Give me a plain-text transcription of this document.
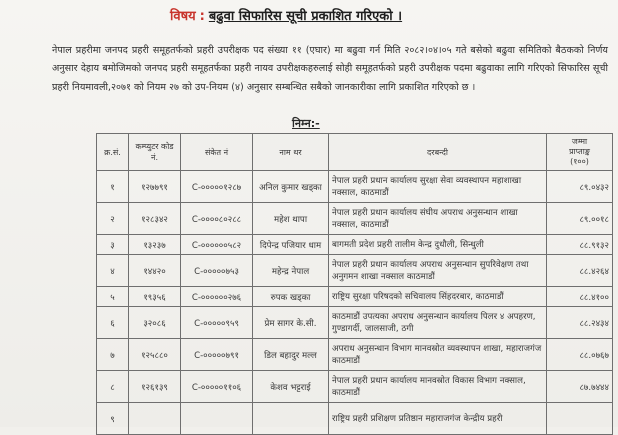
विषय : बढुवा सिफारिस सूची प्रकाशित गरिएको ।
नेपाल प्रहरीमा जनपद प्रहरी समूहतर्फको प्रहरी उपरीक्षक पद संख्या ११ (एघार) मा बढुवा गर्न मिति २०८२।०४।०५ गते बसेको बढुवा समितिको बैठकको निर्णय अनुसार देहाय बमोजिमको जनपद प्रहरी समूहतर्फका प्रहरी नायव उपरीक्षकहरुलाई सोही समूहतर्फको प्रहरी उपरीक्षक पदमा बढुवाका लागि गरिएको सिफारिस सूची प्रहरी नियमावली,२०७१ को नियम २७ को उप-नियम (४) अनुसार सम्बन्धित सबैको जानकारीका लागि प्रकाशित गरिएको छ ।
निम्न:-
क्र.सं.	कम्प्युटर कोड नं.	संकेत नं	नाम थर	दरबन्दी	जम्मा
प्राप्ताङ्क
(१००)

१	१२७७९१	C-०००००१२८७	अनिल कुमार खड्का	नेपाल प्रहरी प्रधान कार्यालय सुरक्षा सेवा व्यवस्थापन महाशाखा नक्साल, काठमाडौं	८९.०४३२
२	१२८३४२	C-००००८०२८८	महेश थापा	नेपाल प्रहरी प्रधान कार्यालय संघीय अपराध अनुसन्धान शाखा नक्साल, काठमाडौं	८९.००१८
३	१३२३७	C-००००००५८२	दिपेन्द्र पजियार धाम	बागमती प्रदेश प्रहरी तालीम केन्द्र दुधौली, सिन्धुली	८८.९१३२
४	१४४२०	C-०००००७५३	महेन्द्र नेपाल	नेपाल प्रहरी प्रधान कार्यालय अपराध अनुसन्धान सुपरिवेक्षण तथा अनुगमन शाखा नक्साल काठमाडौं	८८.४२६४
५	१९३५६	C-००००००२७६	रुपक खड्का	राष्ट्रिय सुरक्षा परिषदको सचिवालय सिंहदरबार, काठमाडौं	८८.४१००
६	३२०८६	C-०००००९५९	प्रेम सागर के.सी.	काठमाडौं उपत्यका अपराध अनुसन्धान कार्यालय पिलर ४ अपहरण, गुण्डागर्दी, जालसाजी, ठगी	८८.२४३४
७	१२५८८०	C-०००००७९१	डिल बहादुर मल्ल	अपराध अनुसन्धान विभाग मानवस्रोत व्यवस्थापन शाखा, महाराजगंज काठमाडौं	८८.०७६७
८	१२६१३९	C-०००००११०६	केशव भट्टराई	नेपाल प्रहरी प्रधान कार्यालय मानवस्रोत विकास विभाग नक्साल, काठमाडौं	८७.७४४४
९				राष्ट्रिय प्रहरी प्रशिक्षण प्रतिष्ठान महाराजगंज केन्द्रीय प्रहरी	
